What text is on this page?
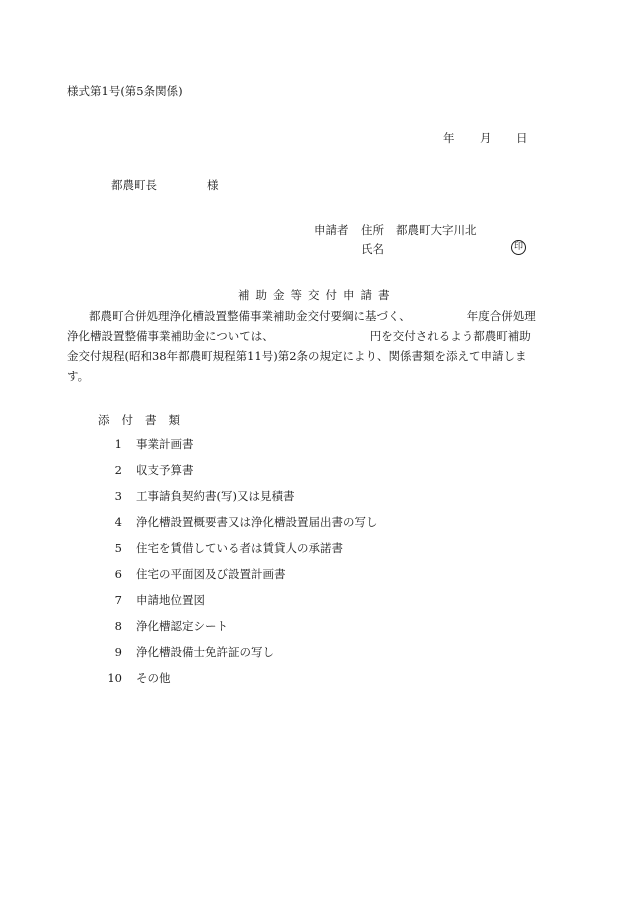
様式第1号(第5条関係)
年 月 日
都農町長	様
申請者 住所 都農町大字川北
氏名	印
補助金等交付申請書
都農町合併処理浄化槽設置整備事業補助金交付要綱に基づく、	年度合併処理
浄化槽設置整備事業補助金については、	円を交付されるよう都農町補助
金交付規程(昭和38年都農町規程第11号)第2条の規定により、関係書類を添えて申請しま
す。
添付書類
1 事業計画書
2 収支予算書
3 工事請負契約書(写)又は見積書
4 浄化槽設置概要書又は浄化槽設置届出書の写し
5 住宅を賃借している者は賃貸人の承諾書
6 住宅の平面図及び設置計画書
7 申請地位置図
8 浄化槽認定シート
9 浄化槽設備士免許証の写し
10 その他
